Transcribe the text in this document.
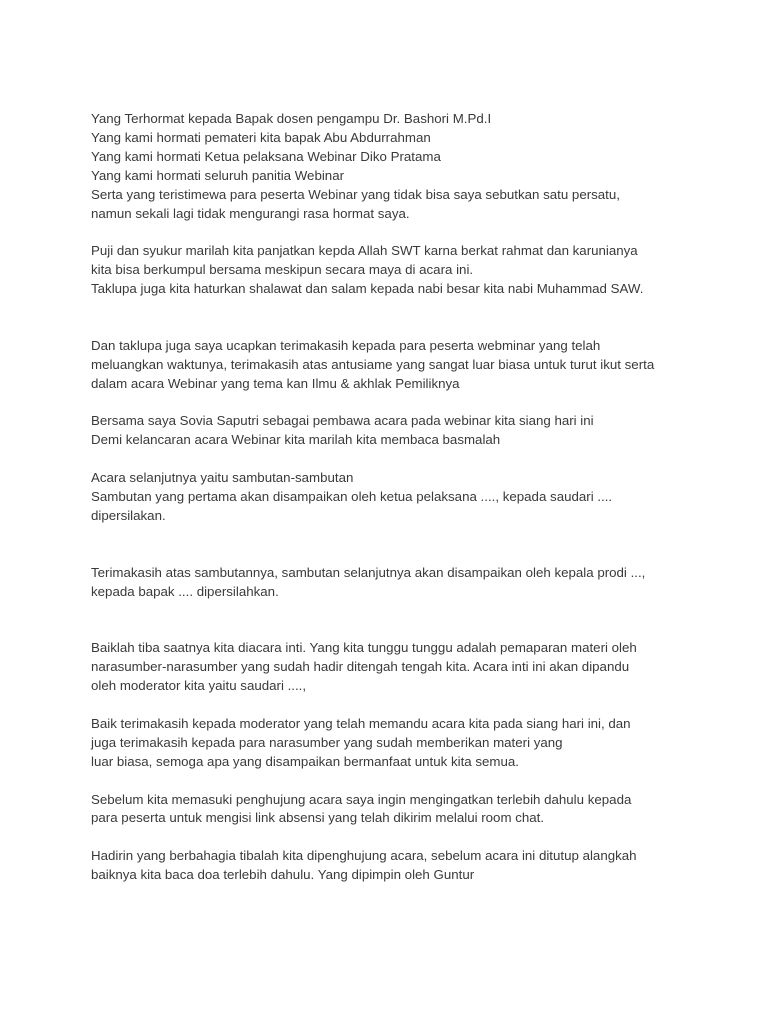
Yang Terhormat kepada Bapak dosen pengampu Dr. Bashori M.Pd.I
Yang kami hormati pemateri kita bapak Abu Abdurrahman
Yang kami hormati Ketua pelaksana Webinar Diko Pratama
Yang kami hormati seluruh panitia Webinar
Serta yang teristimewa para peserta Webinar yang tidak bisa saya sebutkan satu persatu,
namun sekali lagi tidak mengurangi rasa hormat saya.
Puji dan syukur marilah kita panjatkan kepda Allah SWT karna berkat rahmat dan karunianya
kita bisa berkumpul bersama meskipun secara maya di acara ini.
Taklupa juga kita haturkan shalawat dan salam kepada nabi besar kita nabi Muhammad SAW.
Dan taklupa juga saya ucapkan terimakasih kepada para peserta webminar yang telah
meluangkan waktunya, terimakasih atas antusiame yang sangat luar biasa untuk turut ikut serta
dalam acara Webinar yang tema kan Ilmu & akhlak Pemiliknya
Bersama saya Sovia Saputri sebagai pembawa acara pada webinar kita siang hari ini
Demi kelancaran acara Webinar kita marilah kita membaca basmalah
Acara selanjutnya yaitu sambutan-sambutan
Sambutan yang pertama akan disampaikan oleh ketua pelaksana ...., kepada saudari ....
dipersilakan.
Terimakasih atas sambutannya, sambutan selanjutnya akan disampaikan oleh kepala prodi ...,
kepada bapak .... dipersilahkan.
Baiklah tiba saatnya kita diacara inti. Yang kita tunggu tunggu adalah pemaparan materi oleh
narasumber-narasumber yang sudah hadir ditengah tengah kita. Acara inti ini akan dipandu
oleh moderator kita yaitu saudari ....,
Baik terimakasih kepada moderator yang telah memandu acara kita pada siang hari ini, dan
juga terimakasih kepada para narasumber yang sudah memberikan materi yang
luar biasa, semoga apa yang disampaikan bermanfaat untuk kita semua.
Sebelum kita memasuki penghujung acara saya ingin mengingatkan terlebih dahulu kepada
para peserta untuk mengisi link absensi yang telah dikirim melalui room chat.
Hadirin yang berbahagia tibalah kita dipenghujung acara, sebelum acara ini ditutup alangkah
baiknya kita baca doa terlebih dahulu. Yang dipimpin oleh Guntur
